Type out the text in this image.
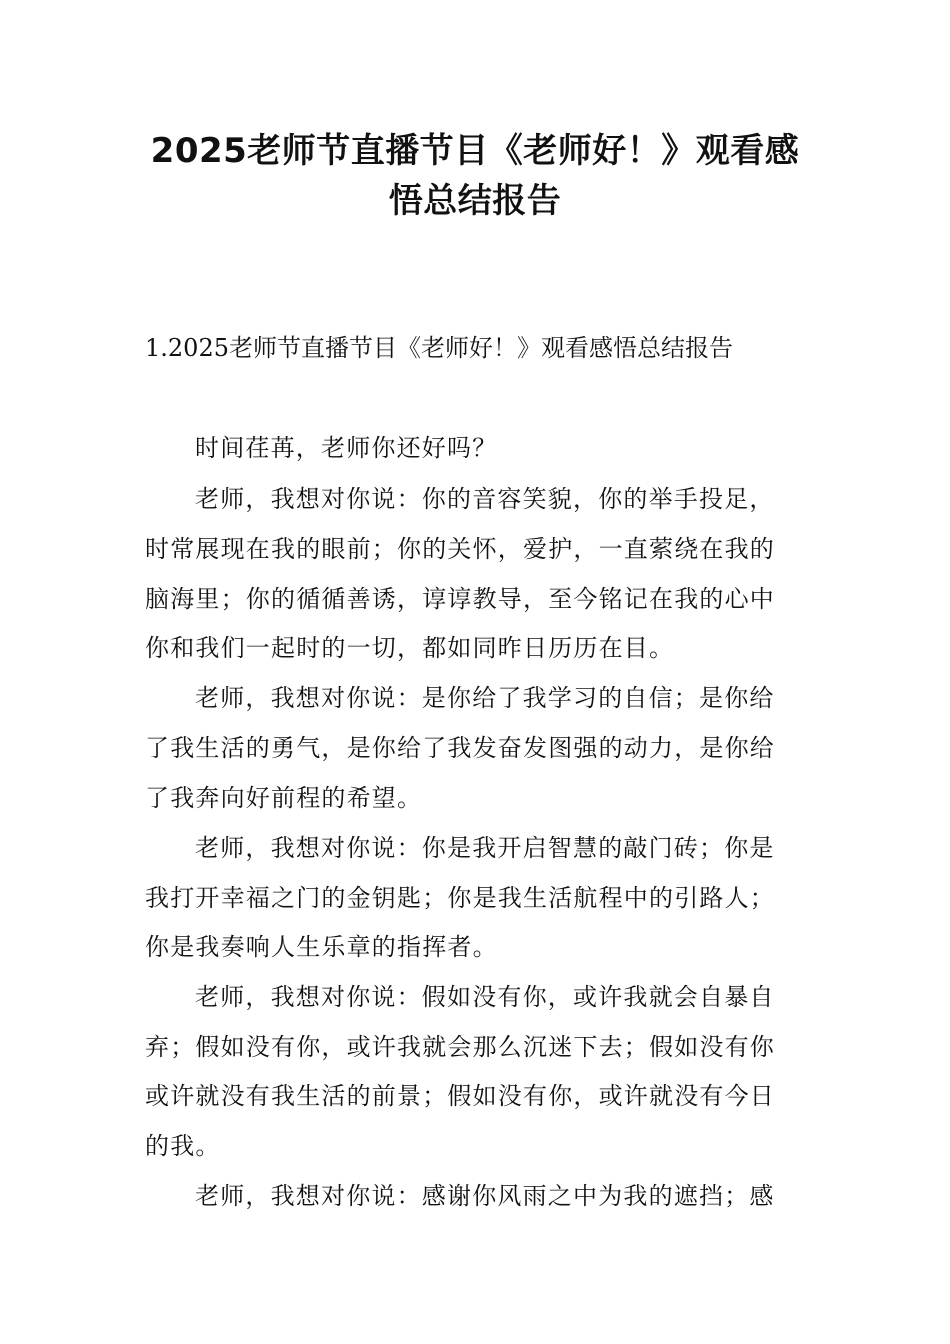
2025老师节直播节目《老师好！》观看感
悟总结报告
1.2025老师节直播节目《老师好！》观看感悟总结报告
时间荏苒，老师你还好吗？
老师，我想对你说：你的音容笑貌，你的举手投足，
时常展现在我的眼前；你的关怀，爱护，一直萦绕在我的
脑海里；你的循循善诱，谆谆教导，至今铭记在我的心中
你和我们一起时的一切，都如同昨日历历在目。
老师，我想对你说：是你给了我学习的自信；是你给
了我生活的勇气，是你给了我发奋发图强的动力，是你给
了我奔向好前程的希望。
老师，我想对你说：你是我开启智慧的敲门砖；你是
我打开幸福之门的金钥匙；你是我生活航程中的引路人；
你是我奏响人生乐章的指挥者。
老师，我想对你说：假如没有你，或许我就会自暴自
弃；假如没有你，或许我就会那么沉迷下去；假如没有你
或许就没有我生活的前景；假如没有你，或许就没有今日
的我。
老师，我想对你说：感谢你风雨之中为我的遮挡；感
